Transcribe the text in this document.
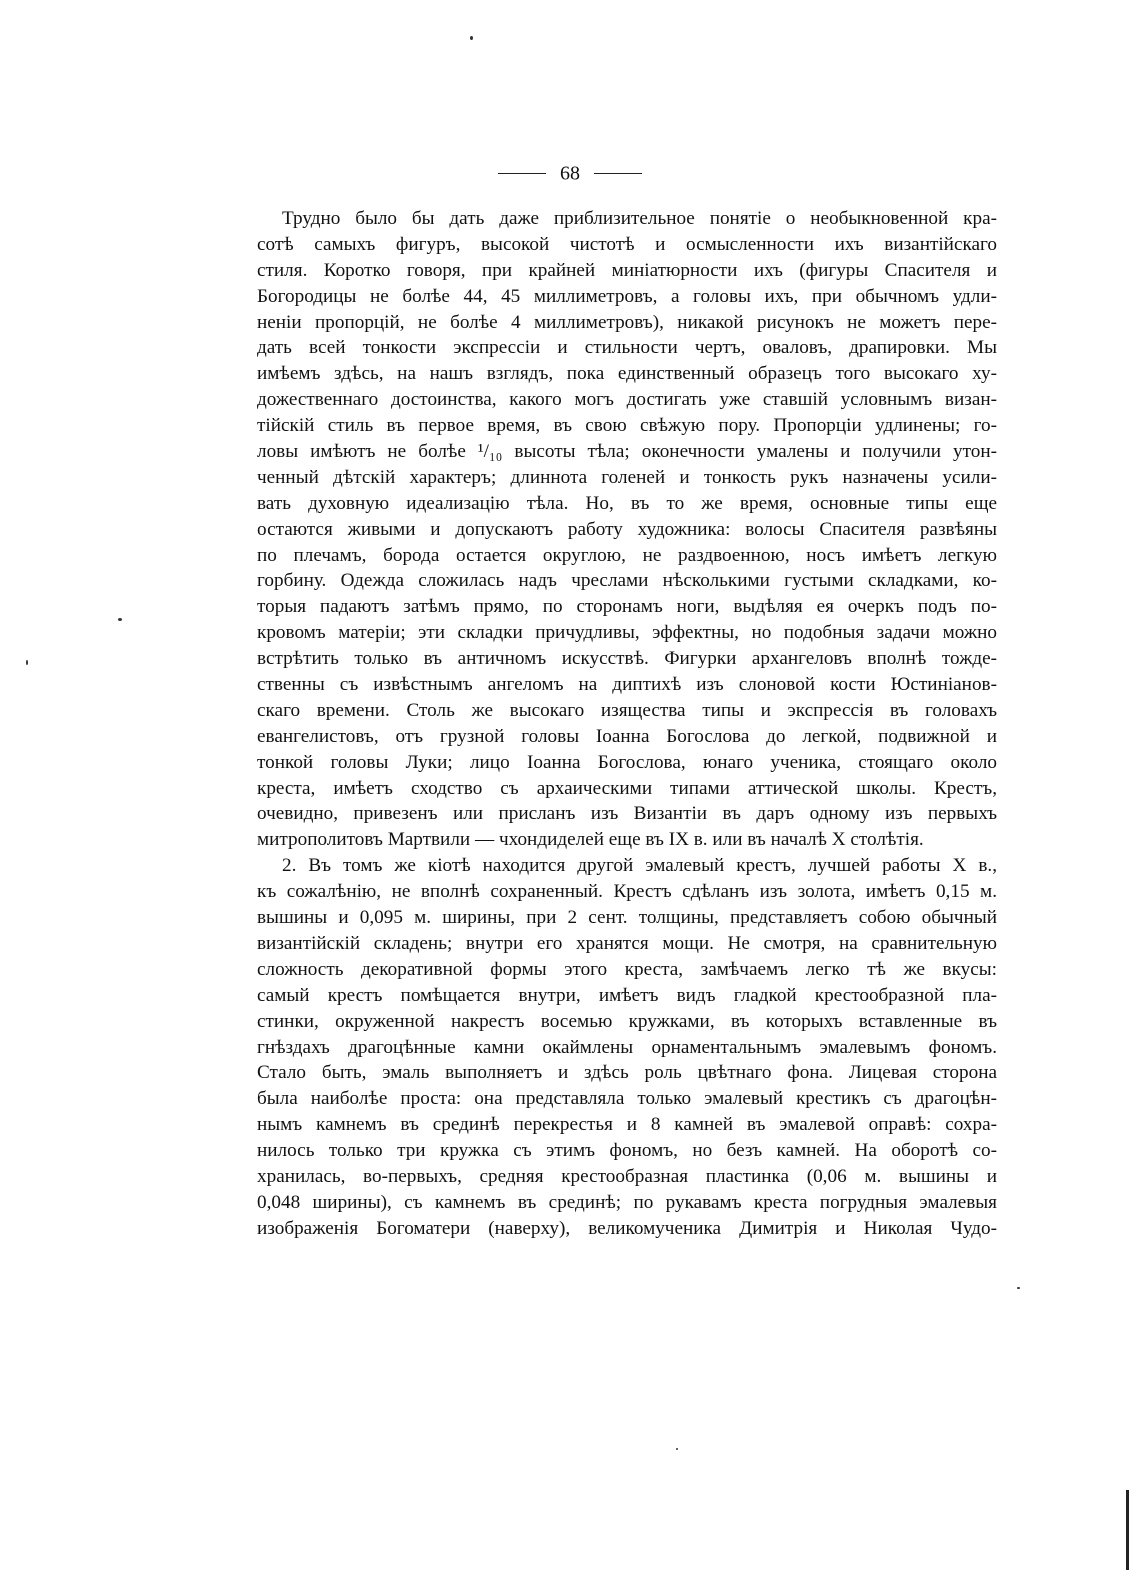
68
Трудно было бы дать даже приблизительное понятіе о необыкновенной кра-
сотѣ самыхъ фигуръ, высокой чистотѣ и осмысленности ихъ византійскаго
стиля. Коротко говоря, при крайней миніатюрности ихъ (фигуры Спасителя и
Богородицы не болѣе 44, 45 миллиметровъ, а головы ихъ, при обычномъ удли-
неніи пропорцій, не болѣе 4 миллиметровъ), никакой рисунокъ не можетъ пере-
дать всей тонкости экспрессіи и стильности чертъ, оваловъ, драпировки. Мы
имѣемъ здѣсь, на нашъ взглядъ, пока единственный образецъ того высокаго ху-
дожественнаго достоинства, какого могъ достигать уже ставшій условнымъ визан-
тійскій стиль въ первое время, въ свою свѣжую пору. Пропорціи удлинены; го-
ловы имѣютъ не болѣе ¹/₁₀ высоты тѣла; оконечности умалены и получили утон-
ченный дѣтскій характеръ; длиннота голеней и тонкость рукъ назначены усили-
вать духовную идеализацію тѣла. Но, въ то же время, основные типы еще
остаются живыми и допускаютъ работу художника: волосы Спасителя развѣяны
по плечамъ, борода остается округлою, не раздвоенною, носъ имѣетъ легкую
горбину. Одежда сложилась надъ чреслами нѣсколькими густыми складками, ко-
торыя падаютъ затѣмъ прямо, по сторонамъ ноги, выдѣляя ея очеркъ подъ по-
кровомъ матеріи; эти складки причудливы, эффектны, но подобныя задачи можно
встрѣтить только въ античномъ искусствѣ. Фигурки архангеловъ вполнѣ тожде-
ственны съ извѣстнымъ ангеломъ на диптихѣ изъ слоновой кости Юстиніанов-
скаго времени. Столь же высокаго изящества типы и экспрессія въ головахъ
евангелистовъ, отъ грузной головы Іоанна Богослова до легкой, подвижной и
тонкой головы Луки; лицо Іоанна Богослова, юнаго ученика, стоящаго около
креста, имѣетъ сходство съ архаическими типами аттической школы. Крестъ,
очевидно, привезенъ или присланъ изъ Византіи въ даръ одному изъ первыхъ
митрополитовъ Мартвили — чхондиделей еще въ IX в. или въ началѣ X столѣтія.
2. Въ томъ же кіотѣ находится другой эмалевый крестъ, лучшей работы X в.,
къ сожалѣнію, не вполнѣ сохраненный. Крестъ сдѣланъ изъ золота, имѣетъ 0,15 м.
вышины и 0,095 м. ширины, при 2 сент. толщины, представляетъ собою обычный
византійскій складень; внутри его хранятся мощи. Не смотря, на сравнительную
сложность декоративной формы этого креста, замѣчаемъ легко тѣ же вкусы:
самый крестъ помѣщается внутри, имѣетъ видъ гладкой крестообразной пла-
стинки, окруженной накрестъ восемью кружками, въ которыхъ вставленные въ
гнѣздахъ драгоцѣнные камни окаймлены орнаментальнымъ эмалевымъ фономъ.
Стало быть, эмаль выполняетъ и здѣсь роль цвѣтнаго фона. Лицевая сторона
была наиболѣе проста: она представляла только эмалевый крестикъ съ драгоцѣн-
нымъ камнемъ въ срединѣ перекрестья и 8 камней въ эмалевой оправѣ: сохра-
нилось только три кружка съ этимъ фономъ, но безъ камней. На оборотѣ со-
хранилась, во-первыхъ, средняя крестообразная пластинка (0,06 м. вышины и
0,048 ширины), съ камнемъ въ срединѣ; по рукавамъ креста погрудныя эмалевыя
изображенія Богоматери (наверху), великомученика Димитрія и Николая Чудо-
